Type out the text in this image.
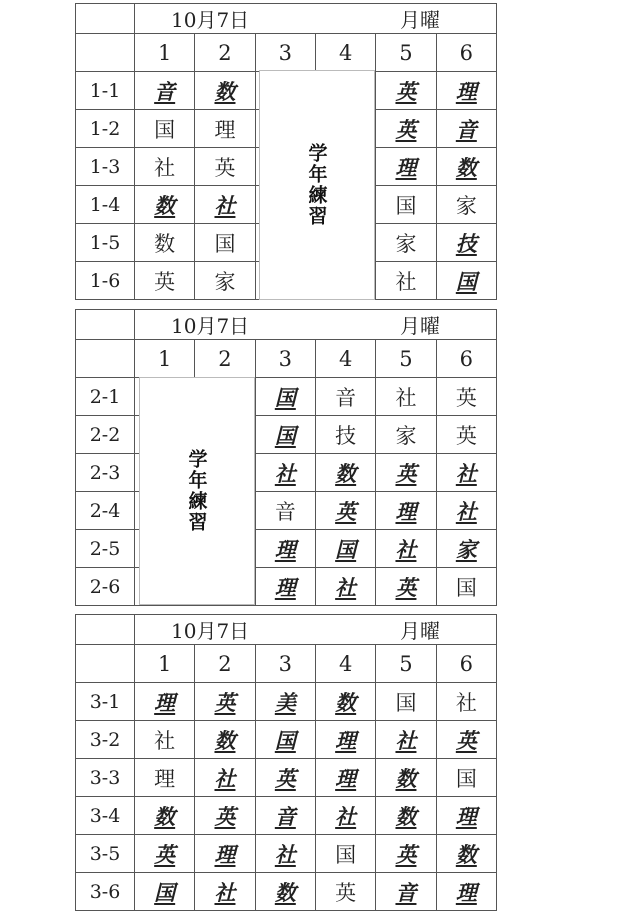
	10月7日 月曜					

	1	2	3	4	5	6
1-1	音	数			英	理
1-2	国	理			英	音
1-3	社	英			理	数
1-4	数	社			国	家
1-5	数	国			家	技
1-6	英	家			社	国

	10月7日 月曜					

	1	2	3	4	5	6
2-1			国	音	社	英
2-2			国	技	家	英
2-3			社	数	英	社
2-4			音	英	理	社
2-5			理	国	社	家
2-6			理	社	英	国

	10月7日 月曜					

	1	2	3	4	5	6
3-1	理	英	美	数	国	社
3-2	社	数	国	理	社	英
3-3	理	社	英	理	数	国
3-4	数	英	音	社	数	理
3-5	英	理	社	国	英	数
3-6	国	社	数	英	音	理
学年練習
学年練習
